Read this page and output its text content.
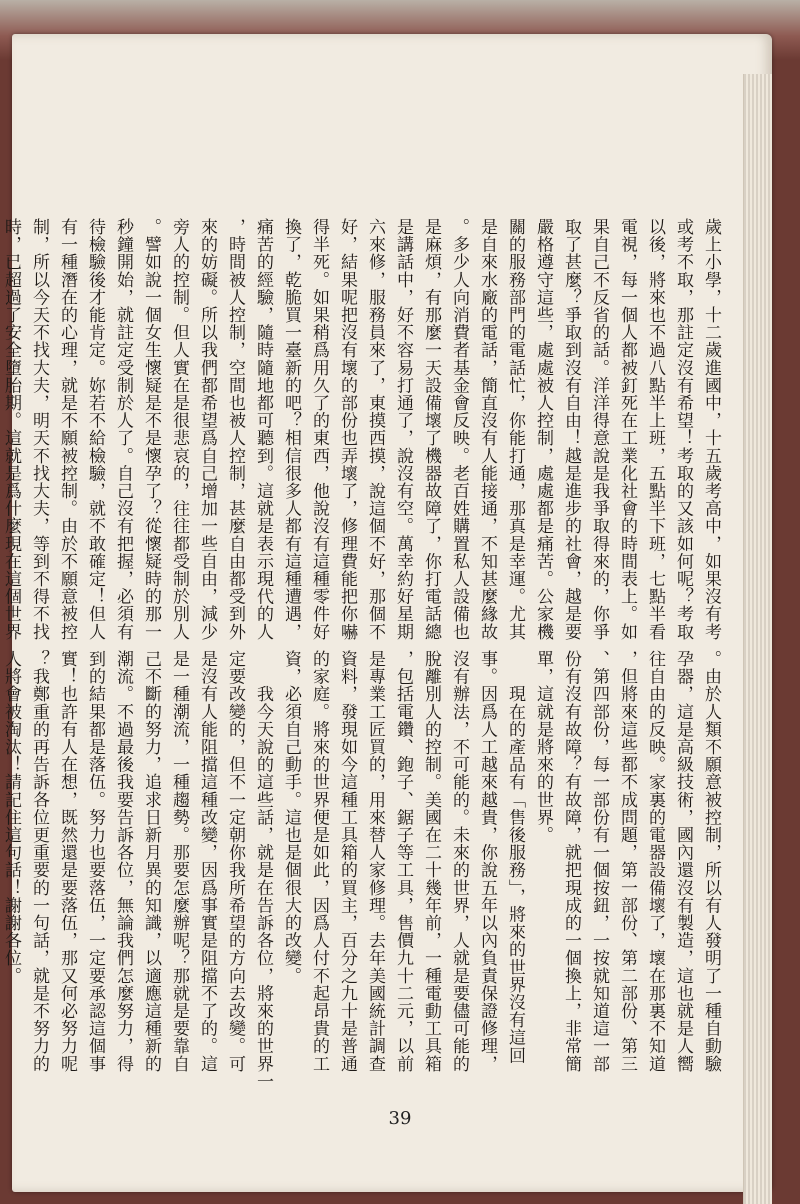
歲上小學，十二歲進國中，十五歲考高中，如果沒有考

或考不取，那註定沒有希望！考取的又該如何呢？考取

以後，將來也不過八點半上班，五點半下班，七點半看

電視，每一個人都被釘死在工業化社會的時間表上。如

果自己不反省的話。洋洋得意說是我爭取得來的，你爭

取了甚麼？爭取到沒有自由！越是進步的社會，越是要

嚴格遵守這些，處處被人控制，處處都是痛苦。公家機

關的服務部門的電話忙，你能打通，那真是幸運。尤其

是自來水廠的電話，簡直沒有人能接通，不知甚麼緣故

。多少人向消費者基金會反映。老百姓購置私人設備也

是麻煩，有那麼一天設備壞了機器故障了，你打電話總

是講話中，好不容易打通了，說沒有空。萬幸約好星期

六來修，服務員來了，東摸西摸，說這個不好，那個不

好，結果呢把沒有壞的部份也弄壞了，修理費能把你嚇

得半死。如果稍爲用久了的東西，他說沒有這種零件好

換了，乾脆買一臺新的吧？相信很多人都有這種遭遇，

痛苦的經驗，隨時隨地都可聽到。這就是表示現代的人

，時間被人控制，空間也被人控制，甚麼自由都受到外

來的妨礙。所以我們都希望爲自己增加一些自由，減少

旁人的控制。但人實在是很悲哀的，往往都受制於別人

。譬如說一個女生懷疑是不是懷孕了？從懷疑時的那一

秒鐘開始，就註定受制於人了。自己沒有把握，必須有

待檢驗後才能肯定。妳若不給檢驗，就不敢確定！但人

有一種潛在的心理，就是不願被控制。由於不願意被控

制，所以今天不找大夫，明天不找大夫，等到不得不找

時，已超過了安全墮胎期。這就是爲什麼現在這個世界

。由於人類不願意被控制，所以有人發明了一種自動驗

孕器，這是高級技術，國內還沒有製造，這也就是人嚮

往自由的反映。家裏的電器設備壞了，壞在那裏不知道

，但將來這些都不成問題，第一部份、第二部份、第三

、第四部份，每一部份有一個按鈕，一按就知道這一部

份有沒有故障？有故障，就把現成的一個換上，非常簡

單，這就是將來的世界。

　　現在的產品有「售後服務」，將來的世界沒有這回

事。因爲人工越來越貴，你說五年以內負責保證修理，

沒有辦法，不可能的。未來的世界，人就是要儘可能的

脫離別人的控制。美國在二十幾年前，一種電動工具箱

，包括電鑽、鉋子、鋸子等工具，售價九十二元，以前

是專業工匠買的，用來替人家修理。去年美國統計調查

資料，發現如今這種工具箱的買主，百分之九十是普通

的家庭。將來的世界便是如此，因爲人付不起昂貴的工

資，必須自己動手。這也是個很大的改變。

　　我今天說的這些話，就是在告訴各位，將來的世界一

定要改變的，但不一定朝你我所希望的方向去改變。可

是沒有人能阻擋這種改變，因爲事實是阻擋不了的。這

是一種潮流，一種趨勢。那要怎麼辦呢？那就是要靠自

己不斷的努力，追求日新月異的知識，以適應這種新的

潮流。不過最後我要告訴各位，無論我們怎麼努力，得

到的結果都是落伍。努力也要落伍，一定要承認這個事

實！也許有人在想，既然還是要落伍，那又何必努力呢

？我鄭重的再告訴各位更重要的一句話，就是不努力的

人將會被淘汰！請記住這句話！謝謝各位。

39
